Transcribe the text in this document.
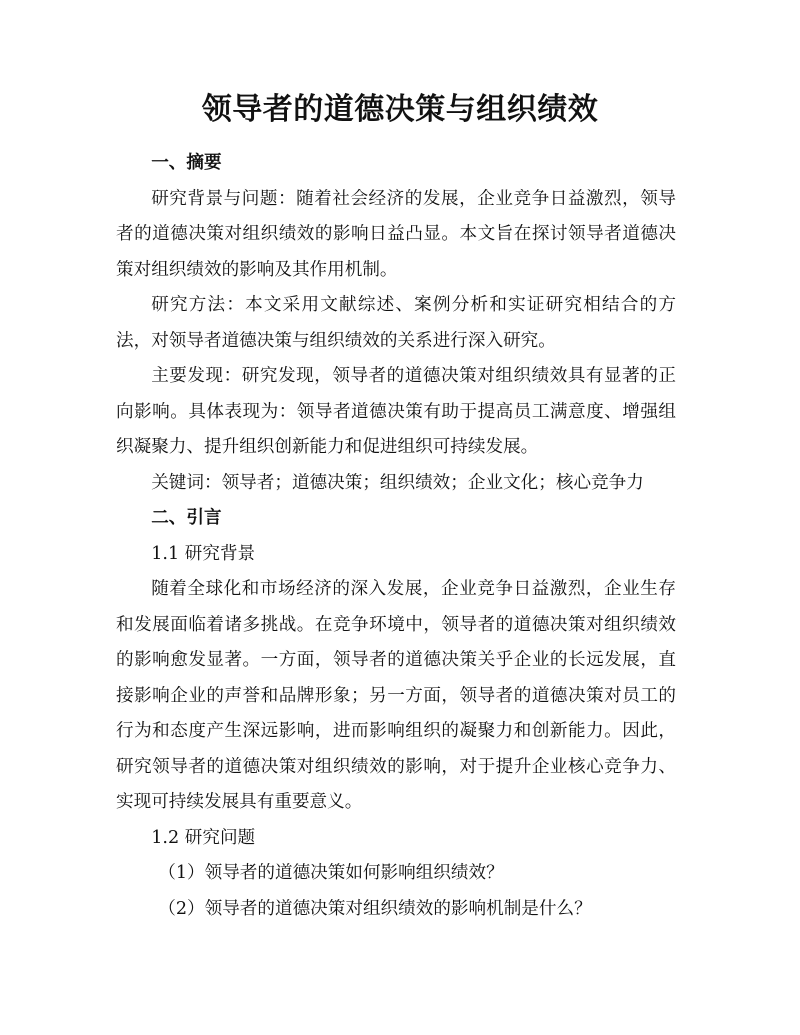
领导者的道德决策与组织绩效
一、摘要

研究背景与问题：随着社会经济的发展，企业竞争日益激烈，领导者的道德决策对组织绩效的影响日益凸显。本文旨在探讨领导者道德决策对组织绩效的影响及其作用机制。

研究方法：本文采用文献综述、案例分析和实证研究相结合的方法，对领导者道德决策与组织绩效的关系进行深入研究。

主要发现：研究发现，领导者的道德决策对组织绩效具有显著的正向影响。具体表现为：领导者道德决策有助于提高员工满意度、增强组织凝聚力、提升组织创新能力和促进组织可持续发展。

关键词：领导者；道德决策；组织绩效；企业文化；核心竞争力

二、引言
1.1 研究背景

随着全球化和市场经济的深入发展，企业竞争日益激烈，企业生存和发展面临着诸多挑战。在竞争环境中，领导者的道德决策对组织绩效的影响愈发显著。一方面，领导者的道德决策关乎企业的长远发展，直接影响企业的声誉和品牌形象；另一方面，领导者的道德决策对员工的行为和态度产生深远影响，进而影响组织的凝聚力和创新能力。因此，研究领导者的道德决策对组织绩效的影响，对于提升企业核心竞争力、实现可持续发展具有重要意义。

1.2 研究问题
（1）领导者的道德决策如何影响组织绩效？
（2）领导者的道德决策对组织绩效的影响机制是什么？
